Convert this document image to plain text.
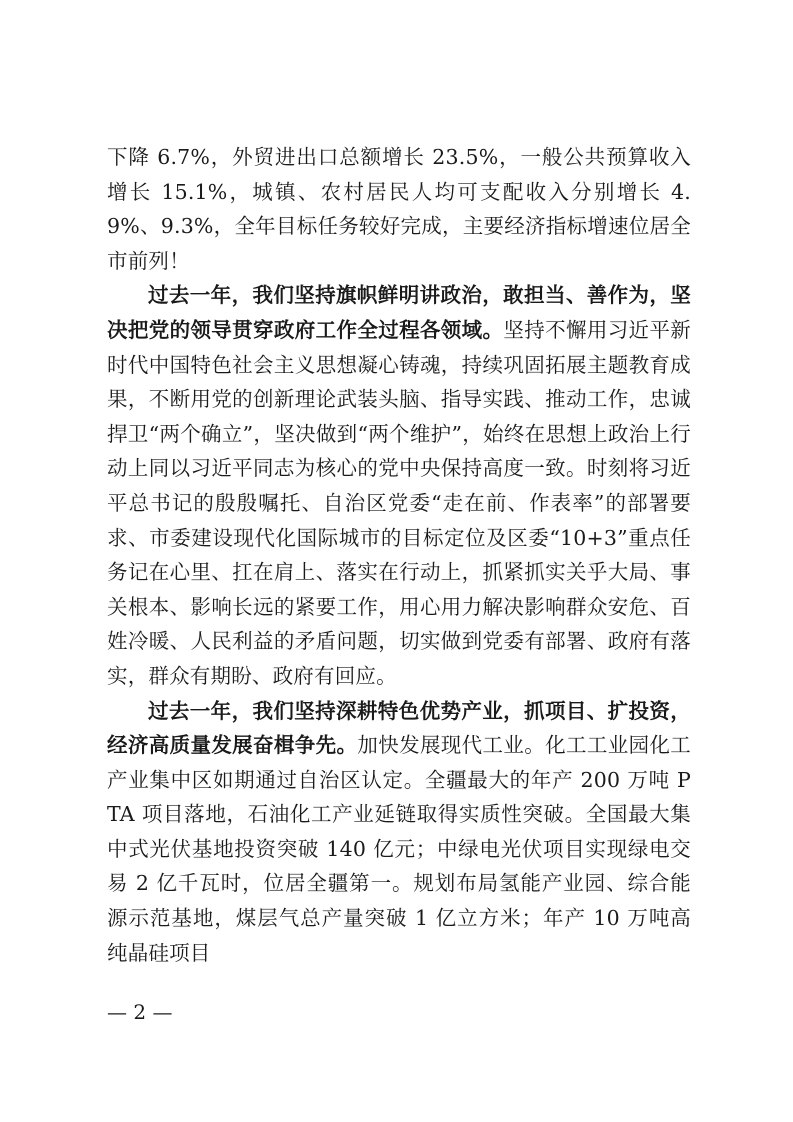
下降 6.7%，外贸进出口总额增长 23.5%，一般公共预算收入增长 15.1%，城镇、农村居民人均可支配收入分别增长 4.9%、9.3%，全年目标任务较好完成，主要经济指标增速位居全市前列！

过去一年，我们坚持旗帜鲜明讲政治，敢担当、善作为，坚决把党的领导贯穿政府工作全过程各领域。坚持不懈用习近平新时代中国特色社会主义思想凝心铸魂，持续巩固拓展主题教育成果，不断用党的创新理论武装头脑、指导实践、推动工作，忠诚捍卫“两个确立”，坚决做到“两个维护”，始终在思想上政治上行动上同以习近平同志为核心的党中央保持高度一致。时刻将习近平总书记的殷殷嘱托、自治区党委“走在前、作表率”的部署要求、市委建设现代化国际城市的目标定位及区委“10+3”重点任务记在心里、扛在肩上、落实在行动上，抓紧抓实关乎大局、事关根本、影响长远的紧要工作，用心用力解决影响群众安危、百姓冷暖、人民利益的矛盾问题，切实做到党委有部署、政府有落实，群众有期盼、政府有回应。

过去一年，我们坚持深耕特色优势产业，抓项目、扩投资，经济高质量发展奋楫争先。加快发展现代工业。化工工业园化工产业集中区如期通过自治区认定。全疆最大的年产 200 万吨 PTA 项目落地，石油化工产业延链取得实质性突破。全国最大集中式光伏基地投资突破 140 亿元；中绿电光伏项目实现绿电交易 2 亿千瓦时，位居全疆第一。规划布局氢能产业园、综合能源示范基地，煤层气总产量突破 1 亿立方米；年产 10 万吨高纯晶硅项目

— 2 —
